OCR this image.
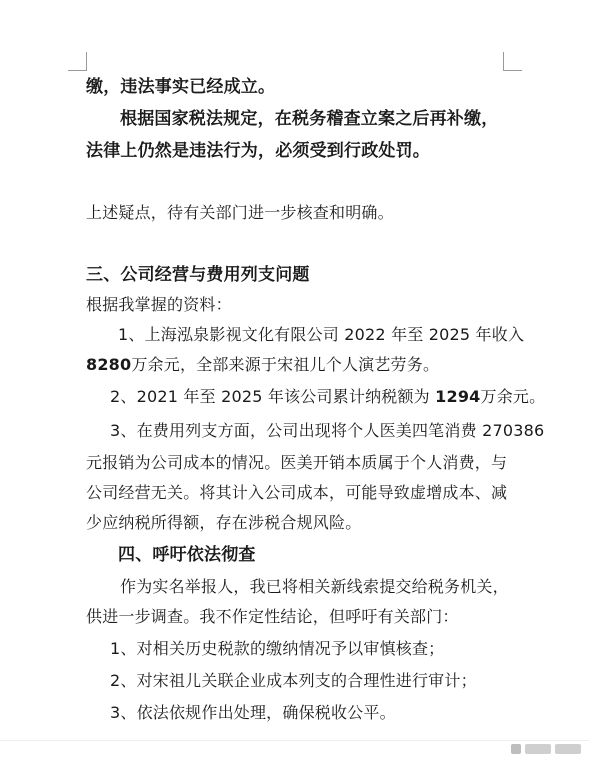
缴，违法事实已经成立。
根据国家税法规定，在税务稽查立案之后再补缴，
法律上仍然是违法行为，必须受到行政处罚。
上述疑点，待有关部门进一步核查和明确。
三、公司经营与费用列支问题
根据我掌握的资料：
1、上海泓泉影视文化有限公司 2022 年至 2025 年收入
8280万余元，全部来源于宋祖儿个人演艺劳务。
2、2021 年至 2025 年该公司累计纳税额为 1294万余元。
3、在费用列支方面，公司出现将个人医美四笔消费 270386
元报销为公司成本的情况。医美开销本质属于个人消费，与
公司经营无关。将其计入公司成本，可能导致虚增成本、减
少应纳税所得额，存在涉税合规风险。
四、呼吁依法彻查
作为实名举报人，我已将相关新线索提交给税务机关，
供进一步调查。我不作定性结论，但呼吁有关部门：
1、对相关历史税款的缴纳情况予以审慎核查；
2、对宋祖儿关联企业成本列支的合理性进行审计；
3、依法依规作出处理，确保税收公平。
